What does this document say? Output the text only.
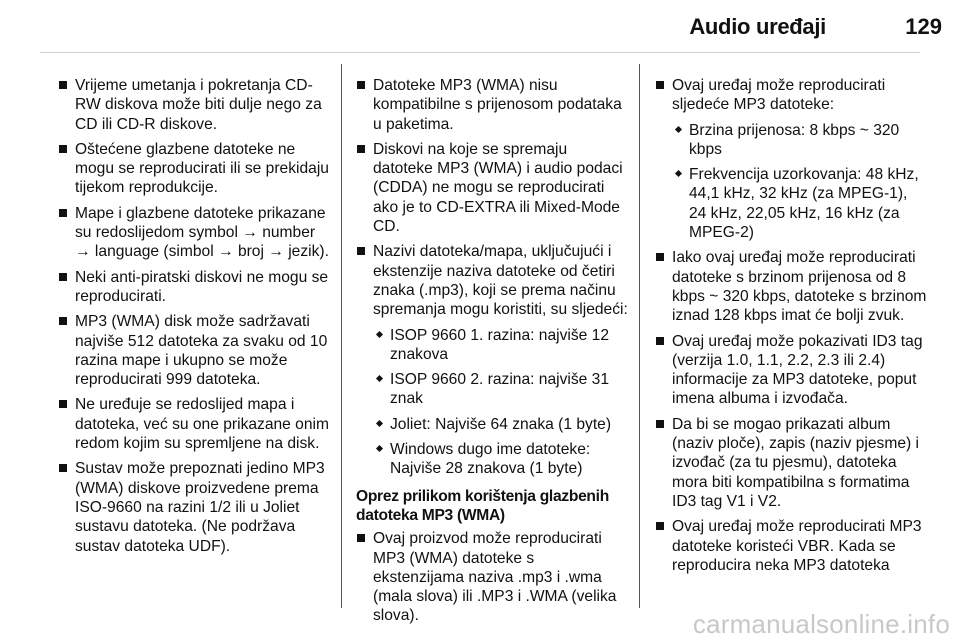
Audio uređaji	129
Vrijeme umetanja i pokretanja CD-RW diskova može biti dulje nego za CD ili CD-R diskove.
Oštećene glazbene datoteke ne mogu se reproducirati ili se prekidaju tijekom reprodukcije.
Mape i glazbene datoteke prikazane su redoslijedom symbol → number → language (simbol → broj → jezik).
Neki anti-piratski diskovi ne mogu se reproducirati.
MP3 (WMA) disk može sadržavati najviše 512 datoteka za svaku od 10 razina mape i ukupno se može reproducirati 999 datoteka.
Ne uređuje se redoslijed mapa i datoteka, već su one prikazane onim redom kojim su spremljene na disk.
Sustav može prepoznati jedino MP3 (WMA) diskove proizvedene prema ISO-9660 na razini 1/2 ili u Joliet sustavu datoteka. (Ne podržava sustav datoteka UDF).
Datoteke MP3 (WMA) nisu kompatibilne s prijenosom podataka u paketima.
Diskovi na koje se spremaju datoteke MP3 (WMA) i audio podaci (CDDA) ne mogu se reproducirati ako je to CD-EXTRA ili Mixed-Mode CD.
Nazivi datoteka/mapa, uključujući i ekstenzije naziva datoteke od četiri znaka (.mp3), koji se prema načinu spremanja mogu koristiti, su sljedeći:
ISOP 9660 1. razina: najviše 12 znakova
ISOP 9660 2. razina: najviše 31 znak
Joliet: Najviše 64 znaka (1 byte)
Windows dugo ime datoteke: Najviše 28 znakova (1 byte)
Oprez prilikom korištenja glazbenih datoteka MP3 (WMA)
Ovaj proizvod može reproducirati MP3 (WMA) datoteke s ekstenzijama naziva .mp3 i .wma (mala slova) ili .MP3 i .WMA (velika slova).
Ovaj uređaj može reproducirati sljedeće MP3 datoteke:
Brzina prijenosa: 8 kbps ~ 320 kbps
Frekvencija uzorkovanja: 48 kHz, 44,1 kHz, 32 kHz (za MPEG-1), 24 kHz, 22,05 kHz, 16 kHz (za MPEG-2)
Iako ovaj uređaj može reproducirati datoteke s brzinom prijenosa od 8 kbps ~ 320 kbps, datoteke s brzinom iznad 128 kbps imat će bolji zvuk.
Ovaj uređaj može pokazivati ID3 tag (verzija 1.0, 1.1, 2.2, 2.3 ili 2.4) informacije za MP3 datoteke, poput imena albuma i izvođača.
Da bi se mogao prikazati album (naziv ploče), zapis (naziv pjesme) i izvođač (za tu pjesmu), datoteka mora biti kompatibilna s formatima ID3 tag V1 i V2.
Ovaj uređaj može reproducirati MP3 datoteke koristeći VBR. Kada se reproducira neka MP3 datoteka
carmanualsonline.info
